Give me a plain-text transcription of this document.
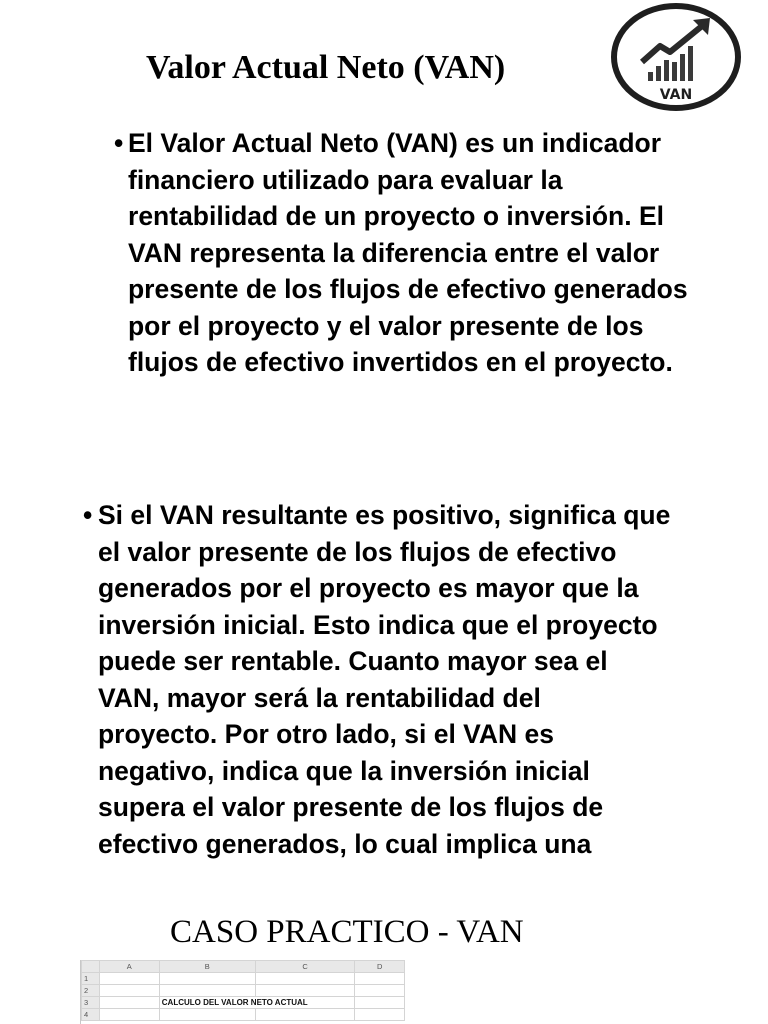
Valor Actual Neto (VAN)
VAN
• El Valor Actual Neto (VAN) es un indicador
financiero utilizado para evaluar la
rentabilidad de un proyecto o inversión. El
VAN representa la diferencia entre el valor
presente de los flujos de efectivo generados
por el proyecto y el valor presente de los
flujos de efectivo invertidos en el proyecto.
• Si el VAN resultante es positivo, significa que
el valor presente de los flujos de efectivo
generados por el proyecto es mayor que la
inversión inicial. Esto indica que el proyecto
puede ser rentable. Cuanto mayor sea el
VAN, mayor será la rentabilidad del
proyecto. Por otro lado, si el VAN es
negativo, indica que la inversión inicial
supera el valor presente de los flujos de
efectivo generados, lo cual implica una
CASO PRACTICO - VAN
	A	B	C	D
1				
2				
3		CALCULO DEL VALOR NETO ACTUAL		
4				
